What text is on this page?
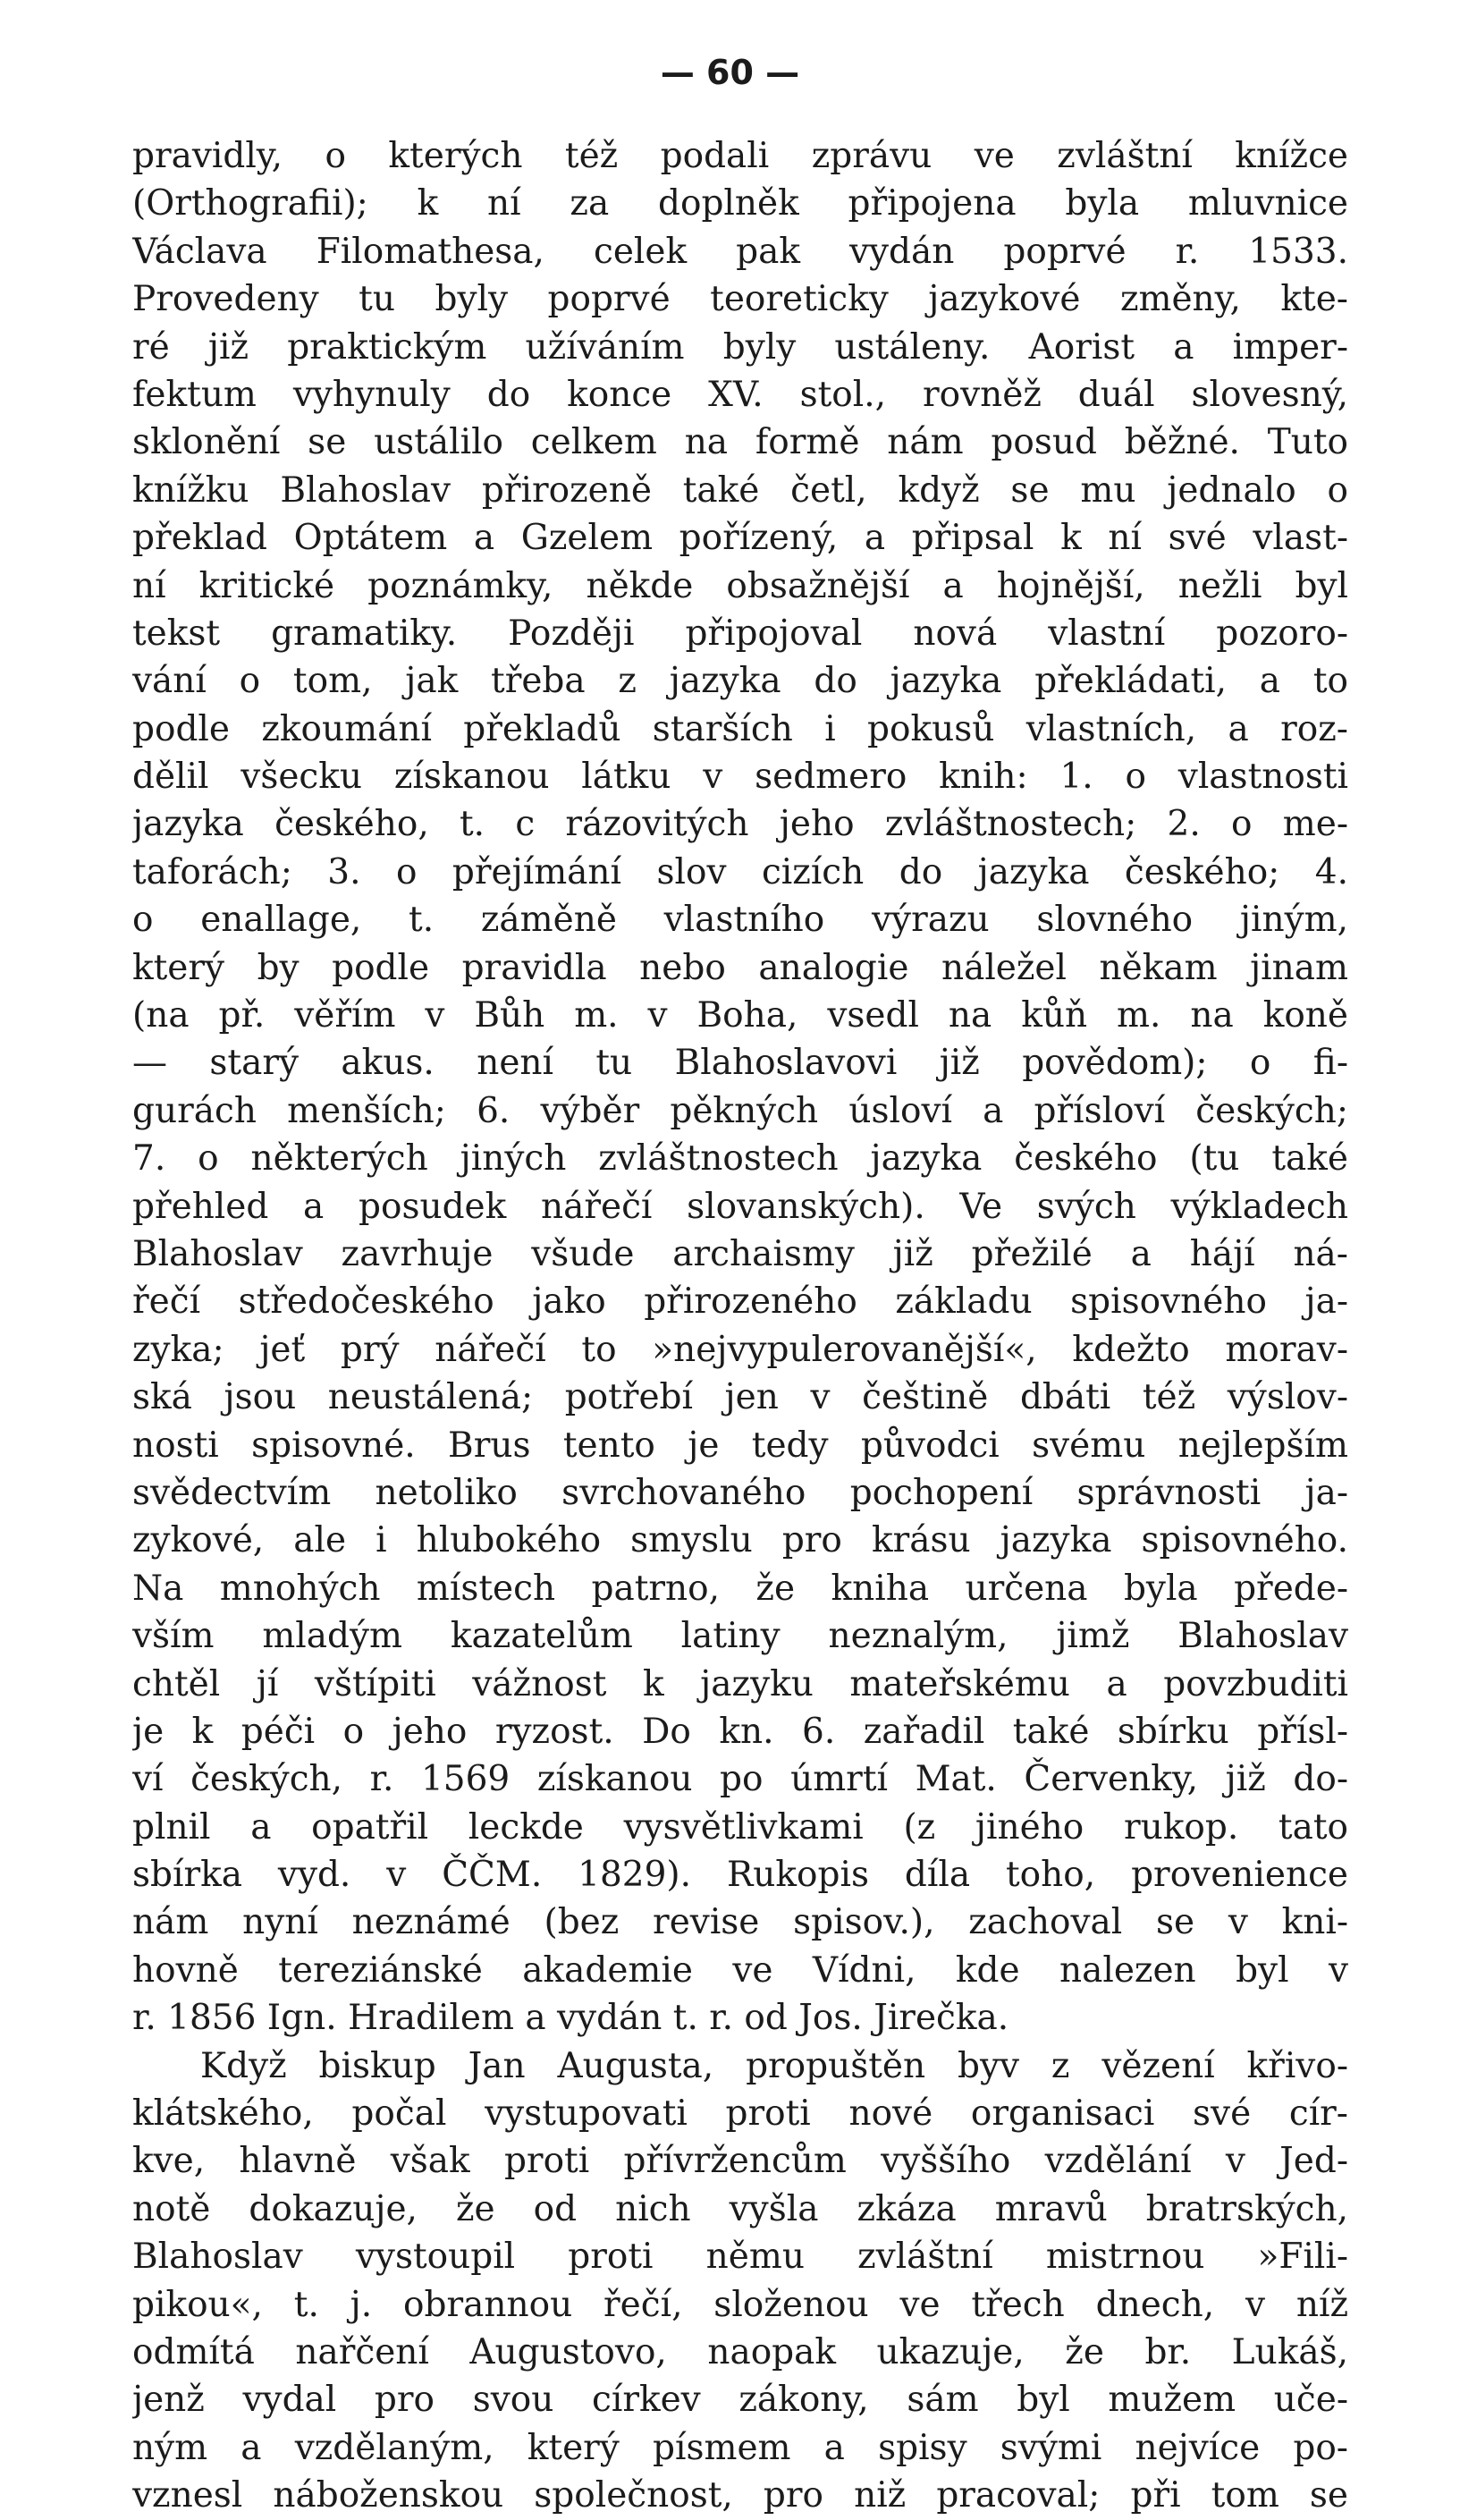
— 60 —
pravidly, o kterých též podali zprávu ve zvláštní knížce
(Orthografii); k ní za doplněk připojena byla mluvnice
Václava Filomathesa, celek pak vydán poprvé r. 1533.
Provedeny tu byly poprvé teoreticky jazykové změny, kte-
ré již praktickým užíváním byly ustáleny. Aorist a imper-
fektum vyhynuly do konce XV. stol., rovněž duál slovesný,
sklonění se ustálilo celkem na formě nám posud běžné. Tuto
knížku Blahoslav přirozeně také četl, když se mu jednalo o
překlad Optátem a Gzelem pořízený, a připsal k ní své vlast-
ní kritické poznámky, někde obsažnější a hojnější, nežli byl
tekst gramatiky. Později připojoval nová vlastní pozoro-
vání o tom, jak třeba z jazyka do jazyka překládati, a to
podle zkoumání překladů starších i pokusů vlastních, a roz-
dělil všecku získanou látku v sedmero knih: 1. o vlastnosti
jazyka českého, t. c rázovitých jeho zvláštnostech; 2. o me-
taforách; 3. o přejímání slov cizích do jazyka českého; 4.
o enallage, t. záměně vlastního výrazu slovného jiným,
který by podle pravidla nebo analogie náležel někam jinam
(na př. věřím v Bůh m. v Boha, vsedl na kůň m. na koně
— starý akus. není tu Blahoslavovi již povědom); o fi-
gurách menších; 6. výběr pěkných úsloví a přísloví českých;
7. o některých jiných zvláštnostech jazyka českého (tu také
přehled a posudek nářečí slovanských). Ve svých výkladech
Blahoslav zavrhuje všude archaismy již přežilé a hájí ná-
řečí středočeského jako přirozeného základu spisovného ja-
zyka; jeť prý nářečí to »nejvypulerovanější«, kdežto morav-
ská jsou neustálená; potřebí jen v češtině dbáti též výslov-
nosti spisovné. Brus tento je tedy původci svému nejlepším
svědectvím netoliko svrchovaného pochopení správnosti ja-
zykové, ale i hlubokého smyslu pro krásu jazyka spisovného.
Na mnohých místech patrno, že kniha určena byla přede-
vším mladým kazatelům latiny neznalým, jimž Blahoslav
chtěl jí vštípiti vážnost k jazyku mateřskému a povzbuditi
je k péči o jeho ryzost. Do kn. 6. zařadil také sbírku přísl-
ví českých, r. 1569 získanou po úmrtí Mat. Červenky, již do-
plnil a opatřil leckde vysvětlivkami (z jiného rukop. tato
sbírka vyd. v ČČM. 1829). Rukopis díla toho, provenience
nám nyní neznámé (bez revise spisov.), zachoval se v kni-
hovně tereziánské akademie ve Vídni, kde nalezen byl v
r. 1856 Ign. Hradilem a vydán t. r. od Jos. Jirečka.
Když biskup Jan Augusta, propuštěn byv z vězení křivo-
klátského, počal vystupovati proti nové organisaci své cír-
kve, hlavně však proti přívržencům vyššího vzdělání v Jed-
notě dokazuje, že od nich vyšla zkáza mravů bratrských,
Blahoslav vystoupil proti němu zvláštní mistrnou »Fili-
pikou«, t. j. obrannou řečí, složenou ve třech dnech, v níž
odmítá nařčení Augustovo, naopak ukazuje, že br. Lukáš,
jenž vydal pro svou církev zákony, sám byl mužem uče-
ným a vzdělaným, který písmem a spisy svými nejvíce po-
vznesl náboženskou společnost, pro niž pracoval; při tom se
